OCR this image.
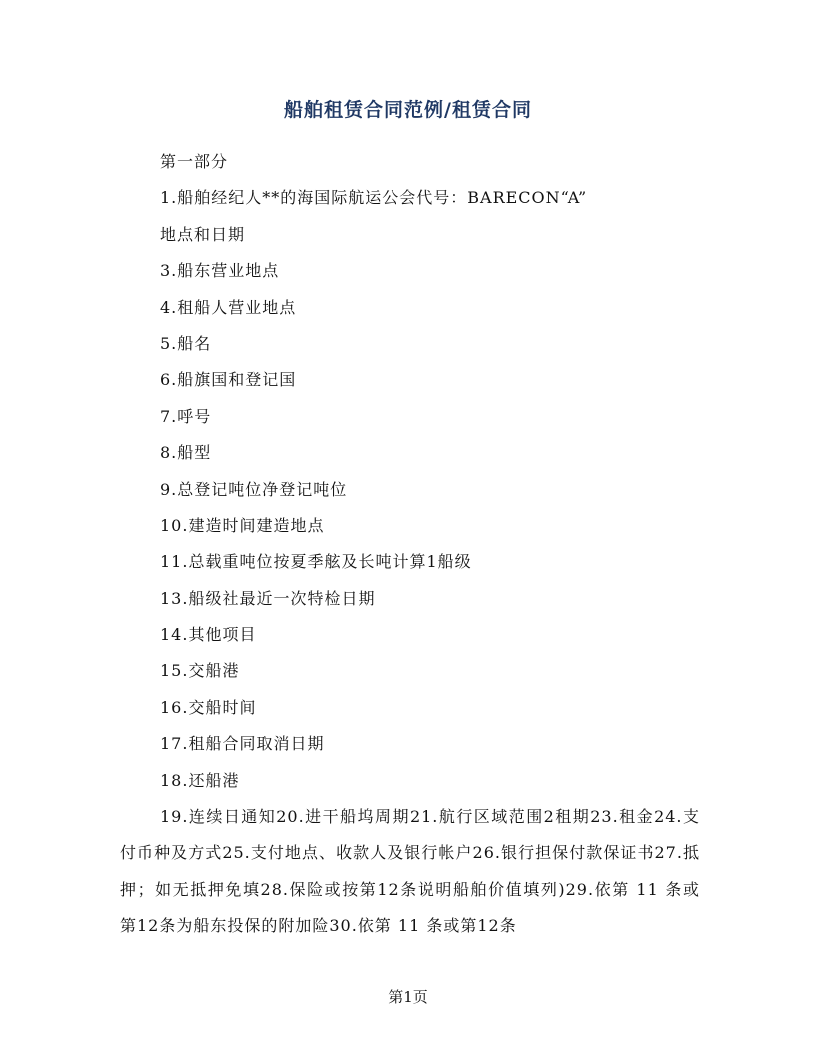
船舶租赁合同范例/租赁合同
第一部分
1.船舶经纪人**的海国际航运公会代号：BARECON“A”
地点和日期
3.船东营业地点
4.租船人营业地点
5.船名
6.船旗国和登记国
7.呼号
8.船型
9.总登记吨位净登记吨位
10.建造时间建造地点
11.总载重吨位按夏季舷及长吨计算1船级
13.船级社最近一次特检日期
14.其他项目
15.交船港
16.交船时间
17.租船合同取消日期
18.还船港

19.连续日通知20.进干船坞周期21.航行区域范围2租期23.租金24.支付币种及方式25.支付地点、收款人及银行帐户26.银行担保付款保证书27.抵押；如无抵押免填28.保险或按第12条说明船舶价值填列)29.依第 11 条或第12条为船东投保的附加险30.依第 11 条或第12条

第1页
